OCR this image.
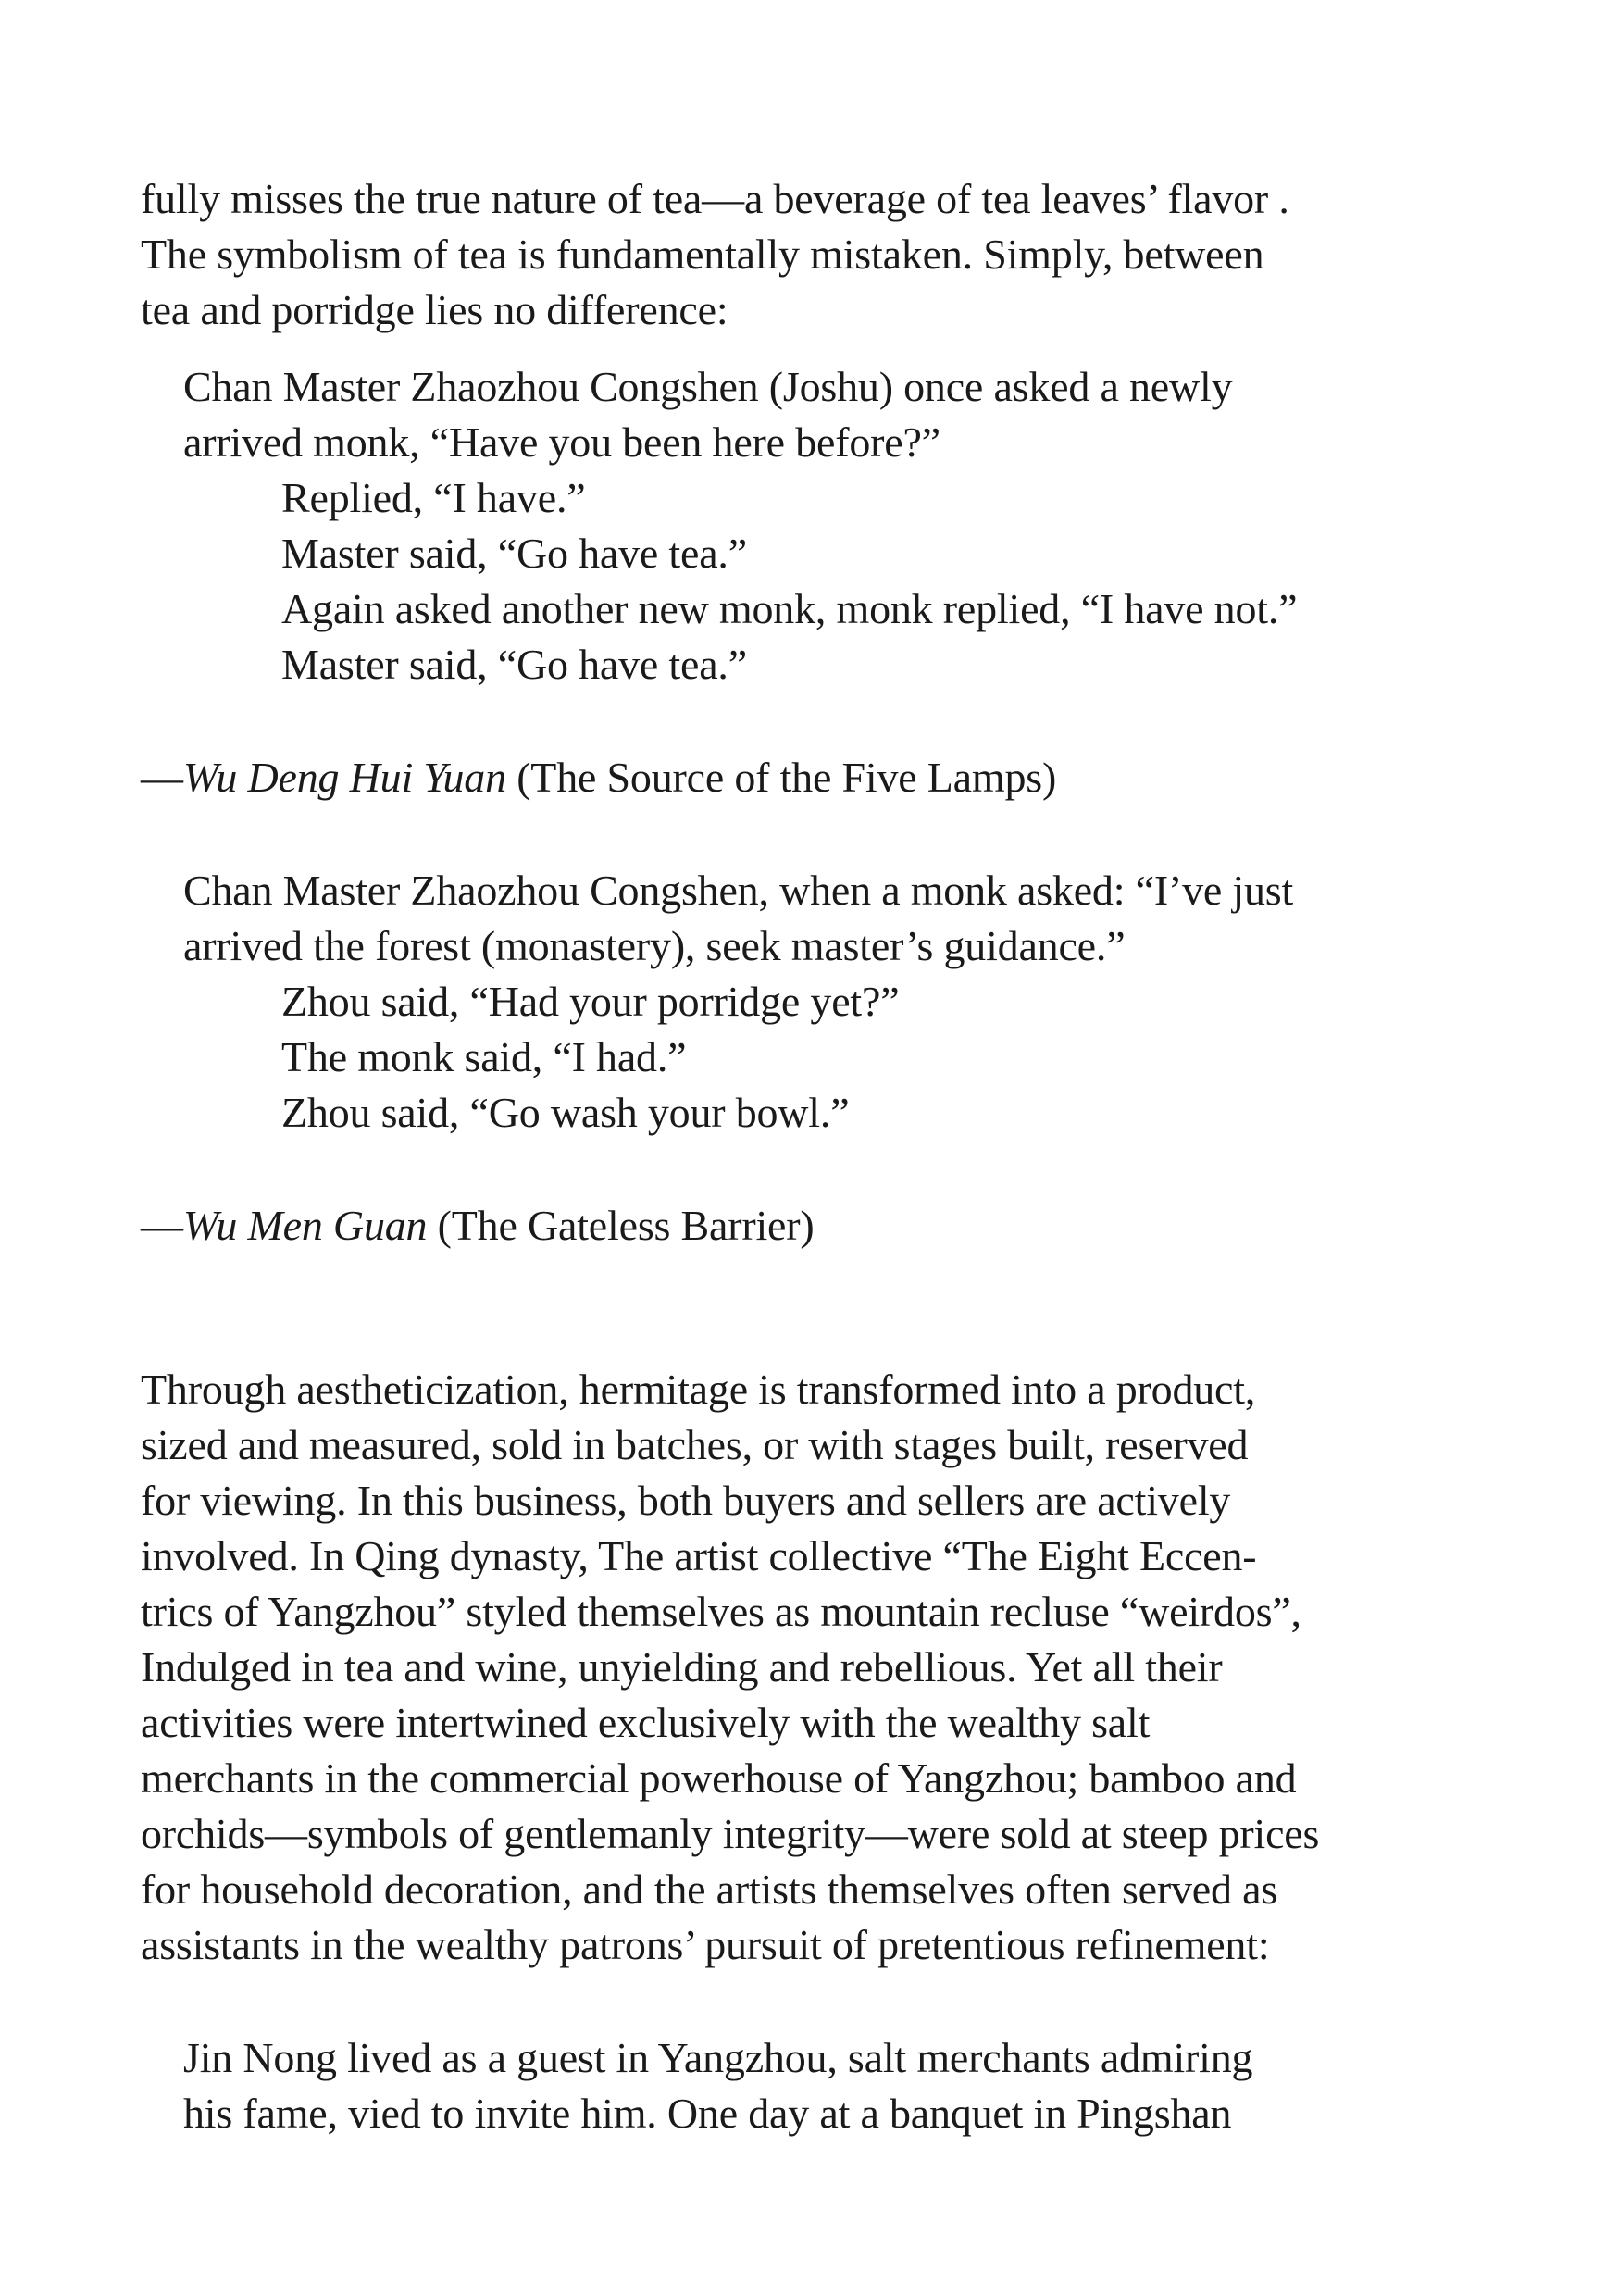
fully misses the true nature of tea—a beverage of tea leaves’ flavor .
The symbolism of tea is fundamentally mistaken. Simply, between
tea and porridge lies no difference:
Chan Master Zhaozhou Congshen (Joshu) once asked a newly
arrived monk, “Have you been here before?”
Replied, “I have.”
Master said, “Go have tea.”
Again asked another new monk, monk replied, “I have not.”
Master said, “Go have tea.”
—Wu Deng Hui Yuan (The Source of the Five Lamps)
Chan Master Zhaozhou Congshen, when a monk asked: “I’ve just
arrived the forest (monastery), seek master’s guidance.”
Zhou said, “Had your porridge yet?”
The monk said, “I had.”
Zhou said, “Go wash your bowl.”
—Wu Men Guan (The Gateless Barrier)
Through aestheticization, hermitage is transformed into a product,
sized and measured, sold in batches, or with stages built, reserved
for viewing. In this business, both buyers and sellers are actively
involved. In Qing dynasty, The artist collective “The Eight Eccen-
trics of Yangzhou” styled themselves as mountain recluse “weirdos”,
Indulged in tea and wine, unyielding and rebellious. Yet all their
activities were intertwined exclusively with the wealthy salt
merchants in the commercial powerhouse of Yangzhou; bamboo and
orchids—symbols of gentlemanly integrity—were sold at steep prices
for household decoration, and the artists themselves often served as
assistants in the wealthy patrons’ pursuit of pretentious refinement:
Jin Nong lived as a guest in Yangzhou, salt merchants admiring
his fame, vied to invite him. One day at a banquet in Pingshan
